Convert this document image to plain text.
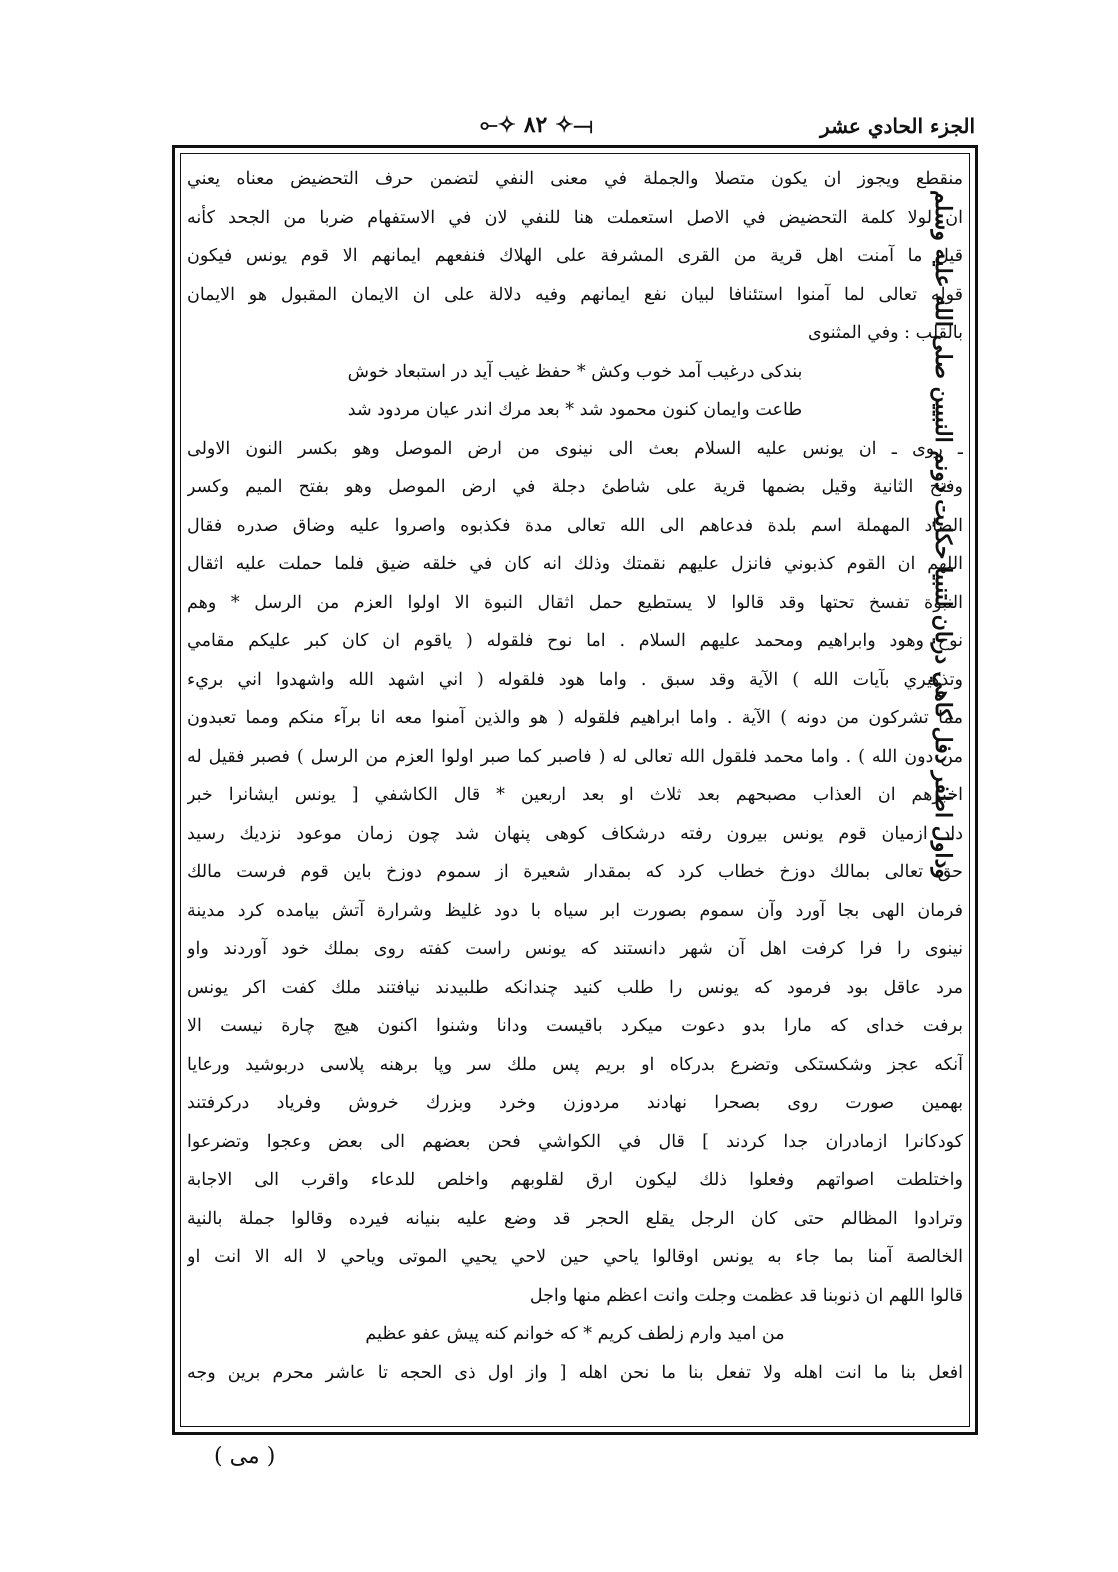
الجزء الحادي عشر
⟜✧ ٨٢ ✧⟞
منقطع ويجوز ان يكون متصلا والجملة في معنى النفي لتضمن حرف التحضيض معناه يعني
ان لولا كلمة التحضيض في الاصل استعملت هنا للنفي لان في الاستفهام ضربا من الجحد كأنه
قيل ما آمنت اهل قرية من القرى المشرفة على الهلاك فنفعهم ايمانهم الا قوم يونس فيكون
قوله تعالى لما آمنوا استئنافا لبيان نفع ايمانهم وفيه دلالة على ان الايمان المقبول هو الايمان
بالقلب : وفي المثنوى
بندكى درغيب آمد خوب وكش * حفظ غيب آيد در استبعاد خوش
طاعت وايمان كنون محمود شد * بعد مرك اندر عيان مردود شد
ـ روى ـ ان يونس عليه السلام بعث الى نينوى من ارض الموصل وهو بكسر النون الاولى
وفتح الثانية وقيل بضمها قرية على شاطئ دجلة في ارض الموصل وهو بفتح الميم وكسر
الصاد المهملة اسم بلدة فدعاهم الى الله تعالى مدة فكذبوه واصروا عليه وضاق صدره فقال
اللهم ان القوم كذبوني فانزل عليهم نقمتك وذلك انه كان في خلقه ضيق فلما حملت عليه اثقال
النبوة تفسخ تحتها وقد قالوا لا يستطيع حمل اثقال النبوة الا اولوا العزم من الرسل * وهم
نوح وهود وابراهيم ومحمد عليهم السلام . اما نوح فلقوله ( ياقوم ان كان كبر عليكم مقامي
وتذكيري بآيات الله ) الآية وقد سبق . واما هود فلقوله ( اني اشهد الله واشهدوا اني بريء
مما تشركون من دونه ) الآية . واما ابراهيم فلقوله ( هو والذين آمنوا معه انا برآء منكم ومما تعبدون
من دون الله ) . واما محمد فلقول الله تعالى له ( فاصبر كما صبر اولوا العزم من الرسل ) فصبر فقيل له
اخبرهم ان العذاب مصبحهم بعد ثلاث او بعد اربعين * قال الكاشفي [ يونس ايشانرا خبر
داد ازميان قوم يونس بيرون رفته درشكاف كوهى پنهان شد چون زمان موعود نزديك رسيد
حق تعالى بمالك دوزخ خطاب كرد كه بمقدار شعيرة از سموم دوزخ باين قوم فرست مالك
فرمان الهى بجا آورد وآن سموم بصورت ابر سياه با دود غليظ وشرارة آتش بيامده كرد مدينة
نينوى را فرا كرفت اهل آن شهر دانستند كه يونس راست كفته روى بملك خود آوردند واو
مرد عاقل بود فرمود كه يونس را طلب كنيد چندانكه طلبيدند نيافتند ملك كفت اكر يونس
برفت خداى كه مارا بدو دعوت ميكرد باقيست ودانا وشنوا اكنون هيچ چارة نيست الا
آنكه عجز وشكستكى وتضرع بدركاه او بريم پس ملك سر وپا برهنه پلاسى دربوشيد ورعايا
بهمين صورت روى بصحرا نهادند مردوزن وخرد وبزرك خروش وفرياد دركرفتند
كودكانرا ازمادران جدا كردند ] قال في الكواشي فحن بعضهم الى بعض وعجوا وتضرعوا
واختلطت اصواتهم وفعلوا ذلك ليكون ارق لقلوبهم واخلص للدعاء واقرب الى الاجابة
وترادوا المظالم حتى كان الرجل يقلع الحجر قد وضع عليه بنيانه فيرده وقالوا جملة بالنية
الخالصة آمنا بما جاء به يونس اوقالوا ياحي حين لاحي يحيي الموتى وياحي لا اله الا انت او
قالوا اللهم ان ذنوبنا قد عظمت وجلت وانت اعظم منها واجل
من اميد وارم زلطف كريم * كه خوانم كنه پيش عفو عظيم
افعل بنا ما انت اهله ولا تفعل بنا ما نحن اهله [ واز اول ذى الحجه تا عاشر محرم برين وجه
وداول اطفر دفل كاهي دريان لتنبيا حكايت ذونم النبيين صلى الله عليه وسلم
( مى )
